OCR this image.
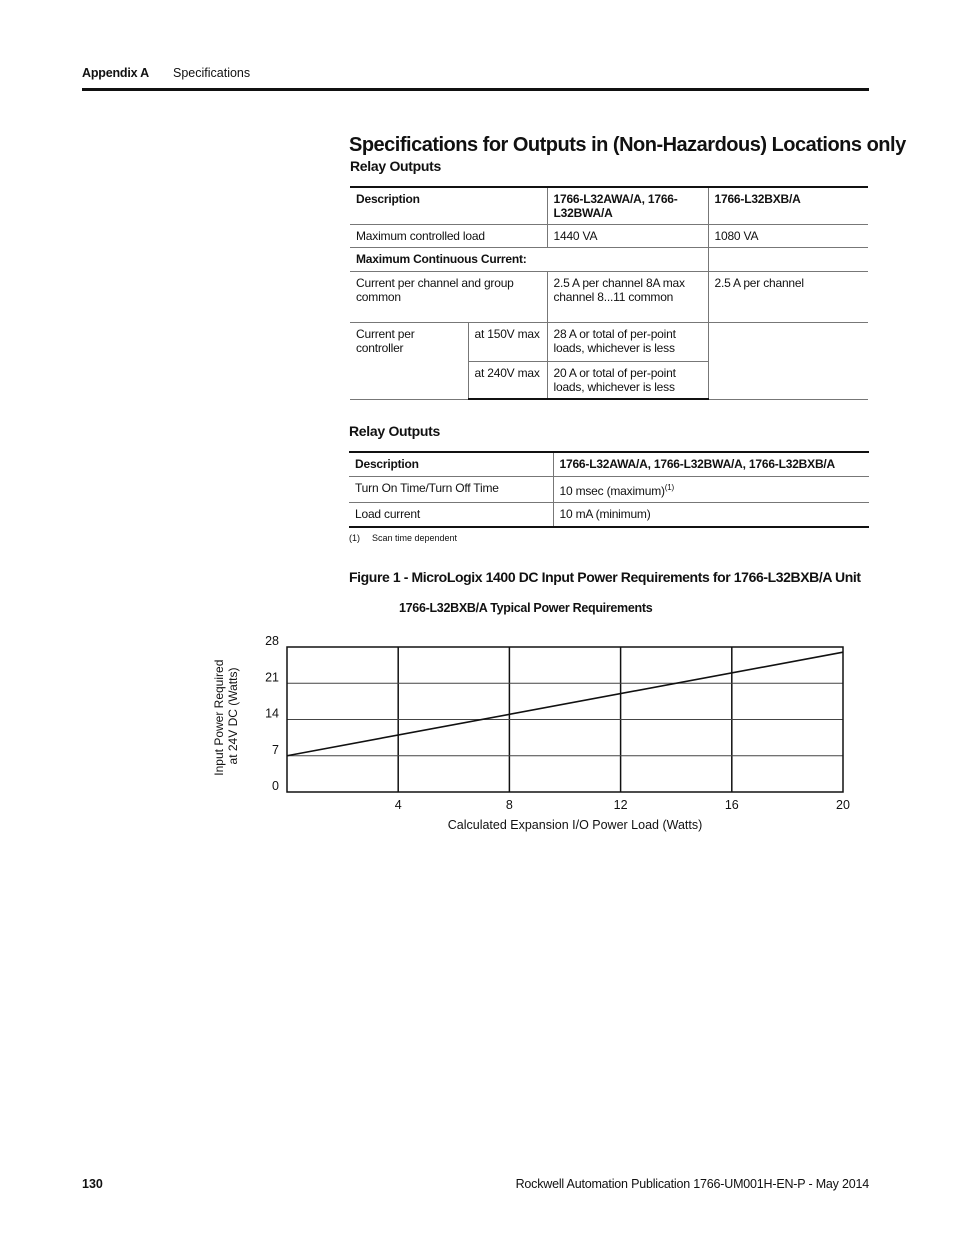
Appendix A Specifications
Specifications for Outputs in (Non-Hazardous) Locations only
Relay Outputs
Description		1766-L32AWA/A, 1766-L32BWA/A	1766-L32BXB/A
Maximum controlled load		1440 VA	1080 VA
Maximum Continuous Current:			
Current per channel and group common		2.5 A per channel 8A max channel 8...11 common	2.5 A per channel
Current per controller	at 150V max	28 A or total of per-point loads, whichever is less	
	at 240V max	20 A or total of per-point loads, whichever is less	
Relay Outputs
Description	1766-L32AWA/A, 1766-L32BWA/A, 1766-L32BXB/A
Turn On Time/Turn Off Time	10 msec (maximum)$^{(1)}$
Load current	10 mA (minimum)
(1) Scan time dependent
Figure 1 - MicroLogix 1400 DC Input Power Requirements for 1766-L32BXB/A Unit
1766-L32BXB/A Typical Power Requirements
4	8	12	16	20
0
7
14
21
28
Calculated Expansion I/O Power Load (Watts)
Input Power Required at 24V DC (Watts)
130	Rockwell Automation Publication 1766-UM001H-EN-P - May 2014
